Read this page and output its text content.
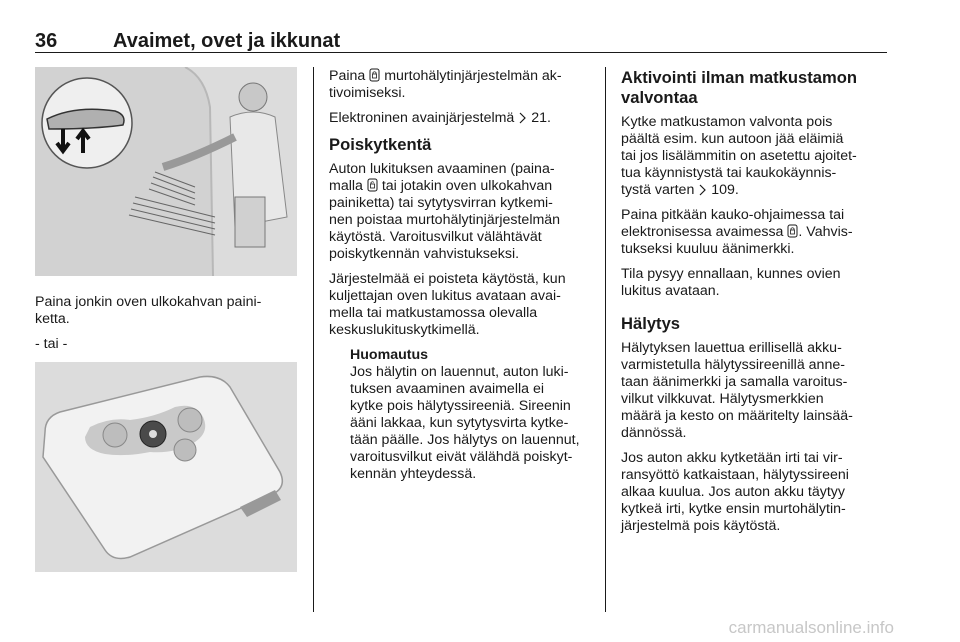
36	Avaimet, ovet ja ikkunat
Paina jonkin oven ulkokahvan paini-
ketta.
- tai -

Paina murtohälytinjärjestelmän ak-
tivoimiseksi.

Elektroninen avainjärjestelmä 21.

Poiskytkentä

Auton lukituksen avaaminen (paina-
malla tai jotakin oven ulkokahvan
painiketta) tai sytytysvirran kytkemi-
nen poistaa murtohälytinjärjestelmän
käytöstä. Varoitusvilkut välähtävät
poiskytkennän vahvistukseksi.

Järjestelmää ei poisteta käytöstä, kun
kuljettajan oven lukitus avataan avai-
mella tai matkustamossa olevalla
keskuslukituskytkimellä.

Huomautus

Jos hälytin on lauennut, auton luki-
tuksen avaaminen avaimella ei
kytke pois hälytyssireeniä. Sireenin
ääni lakkaa, kun sytytysvirta kytke-
tään päälle. Jos hälytys on lauennut,
varoitusvilkut eivät välähdä poiskyt-
kennän yhteydessä.

Aktivointi ilman matkustamon
valvontaa

Kytke matkustamon valvonta pois
päältä esim. kun autoon jää eläimiä
tai jos lisälämmitin on asetettu ajoitet-
tua käynnistystä tai kaukokäynnis-
tystä varten 109.

Paina pitkään kauko-ohjaimessa tai
elektronisessa avaimessa . Vahvis-
tukseksi kuuluu äänimerkki.

Tila pysyy ennallaan, kunnes ovien
lukitus avataan.

Hälytys

Hälytyksen lauettua erillisellä akku-
varmistetulla hälytyssireenillä anne-
taan äänimerkki ja samalla varoitus-
vilkut vilkkuvat. Hälytysmerkkien
määrä ja kesto on määritelty lainsää-
dännössä.

Jos auton akku kytketään irti tai vir-
ransyöttö katkaistaan, hälytyssireeni
alkaa kuulua. Jos auton akku täytyy
kytkeä irti, kytke ensin murtohälytin-
järjestelmä pois käytöstä.

carmanualsonline.info
